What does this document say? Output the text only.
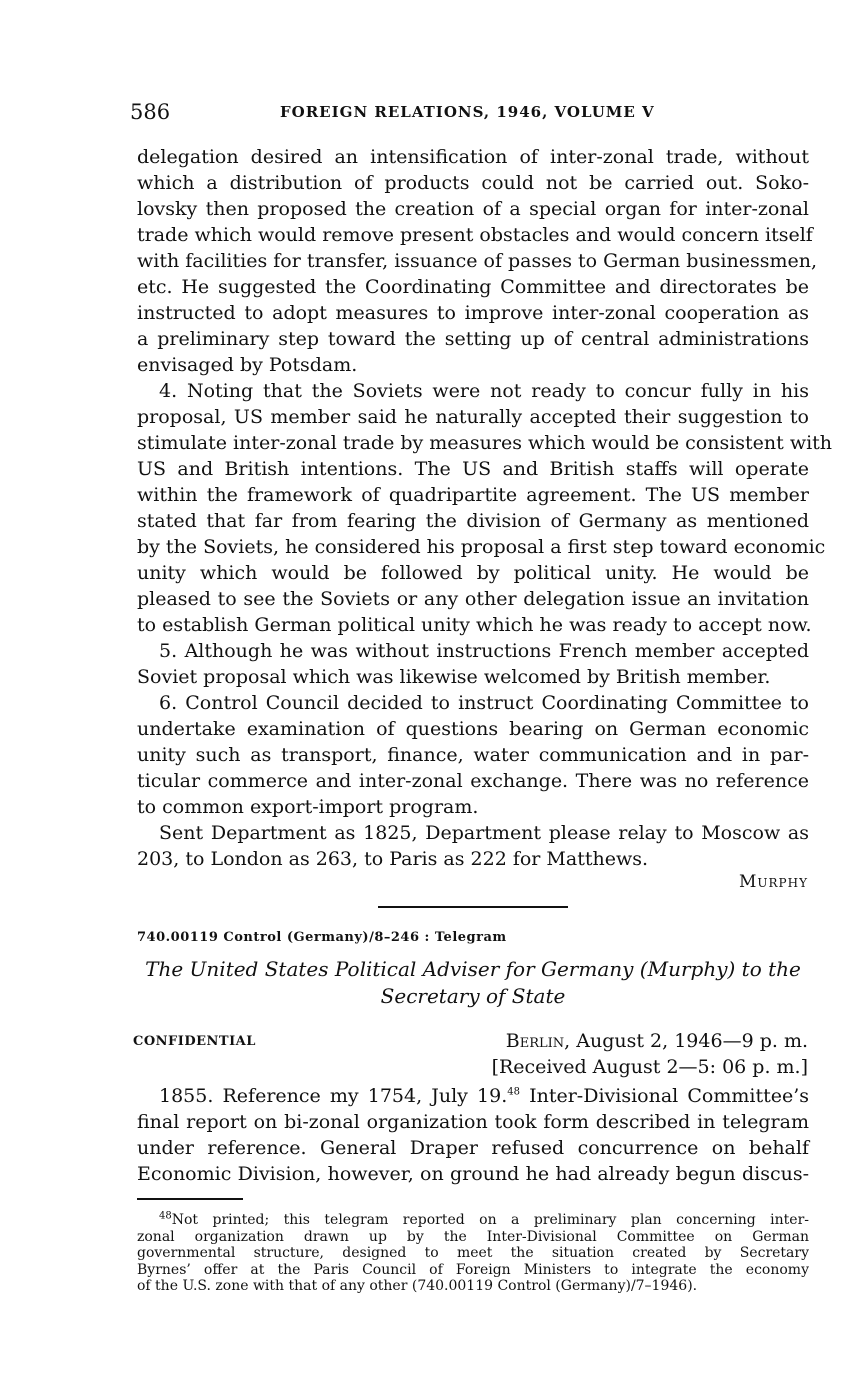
586	FOREIGN RELATIONS, 1946, VOLUME V
delegation desired an intensification of inter-zonal trade, without
which a distribution of products could not be carried out. Soko-
lovsky then proposed the creation of a special organ for inter-zonal
trade which would remove present obstacles and would concern itself
with facilities for transfer, issuance of passes to German businessmen,
etc. He suggested the Coordinating Committee and directorates be
instructed to adopt measures to improve inter-zonal cooperation as
a preliminary step toward the setting up of central administrations
envisaged by Potsdam.
4. Noting that the Soviets were not ready to concur fully in his
proposal, US member said he naturally accepted their suggestion to
stimulate inter-zonal trade by measures which would be consistent with
US and British intentions. The US and British staffs will operate
within the framework of quadripartite agreement. The US member
stated that far from fearing the division of Germany as mentioned
by the Soviets, he considered his proposal a first step toward economic
unity which would be followed by political unity. He would be
pleased to see the Soviets or any other delegation issue an invitation
to establish German political unity which he was ready to accept now.
5. Although he was without instructions French member accepted
Soviet proposal which was likewise welcomed by British member.
6. Control Council decided to instruct Coordinating Committee to
undertake examination of questions bearing on German economic
unity such as transport, finance, water communication and in par-
ticular commerce and inter-zonal exchange. There was no reference
to common export-import program.
Sent Department as 1825, Department please relay to Moscow as
203, to London as 263, to Paris as 222 for Matthews.
Murphy
740.00119 Control (Germany)/8–246 : Telegram
The United States Political Adviser for Germany (Murphy) to the
Secretary of State
CONFIDENTIAL	Berlin, August 2, 1946—9 p. m.
[Received August 2—5: 06 p. m.]
1855. Reference my 1754, July 19.48 Inter-Divisional Committee’s
final report on bi-zonal organization took form described in telegram
under reference. General Draper refused concurrence on behalf
Economic Division, however, on ground he had already begun discus-
$^{48}$Not printed; this telegram reported on a preliminary plan concerning inter-
zonal organization drawn up by the Inter-Divisional Committee on German
governmental structure, designed to meet the situation created by Secretary
Byrnes’ offer at the Paris Council of Foreign Ministers to integrate the economy
of the U.S. zone with that of any other (740.00119 Control (Germany)/7–1946).
